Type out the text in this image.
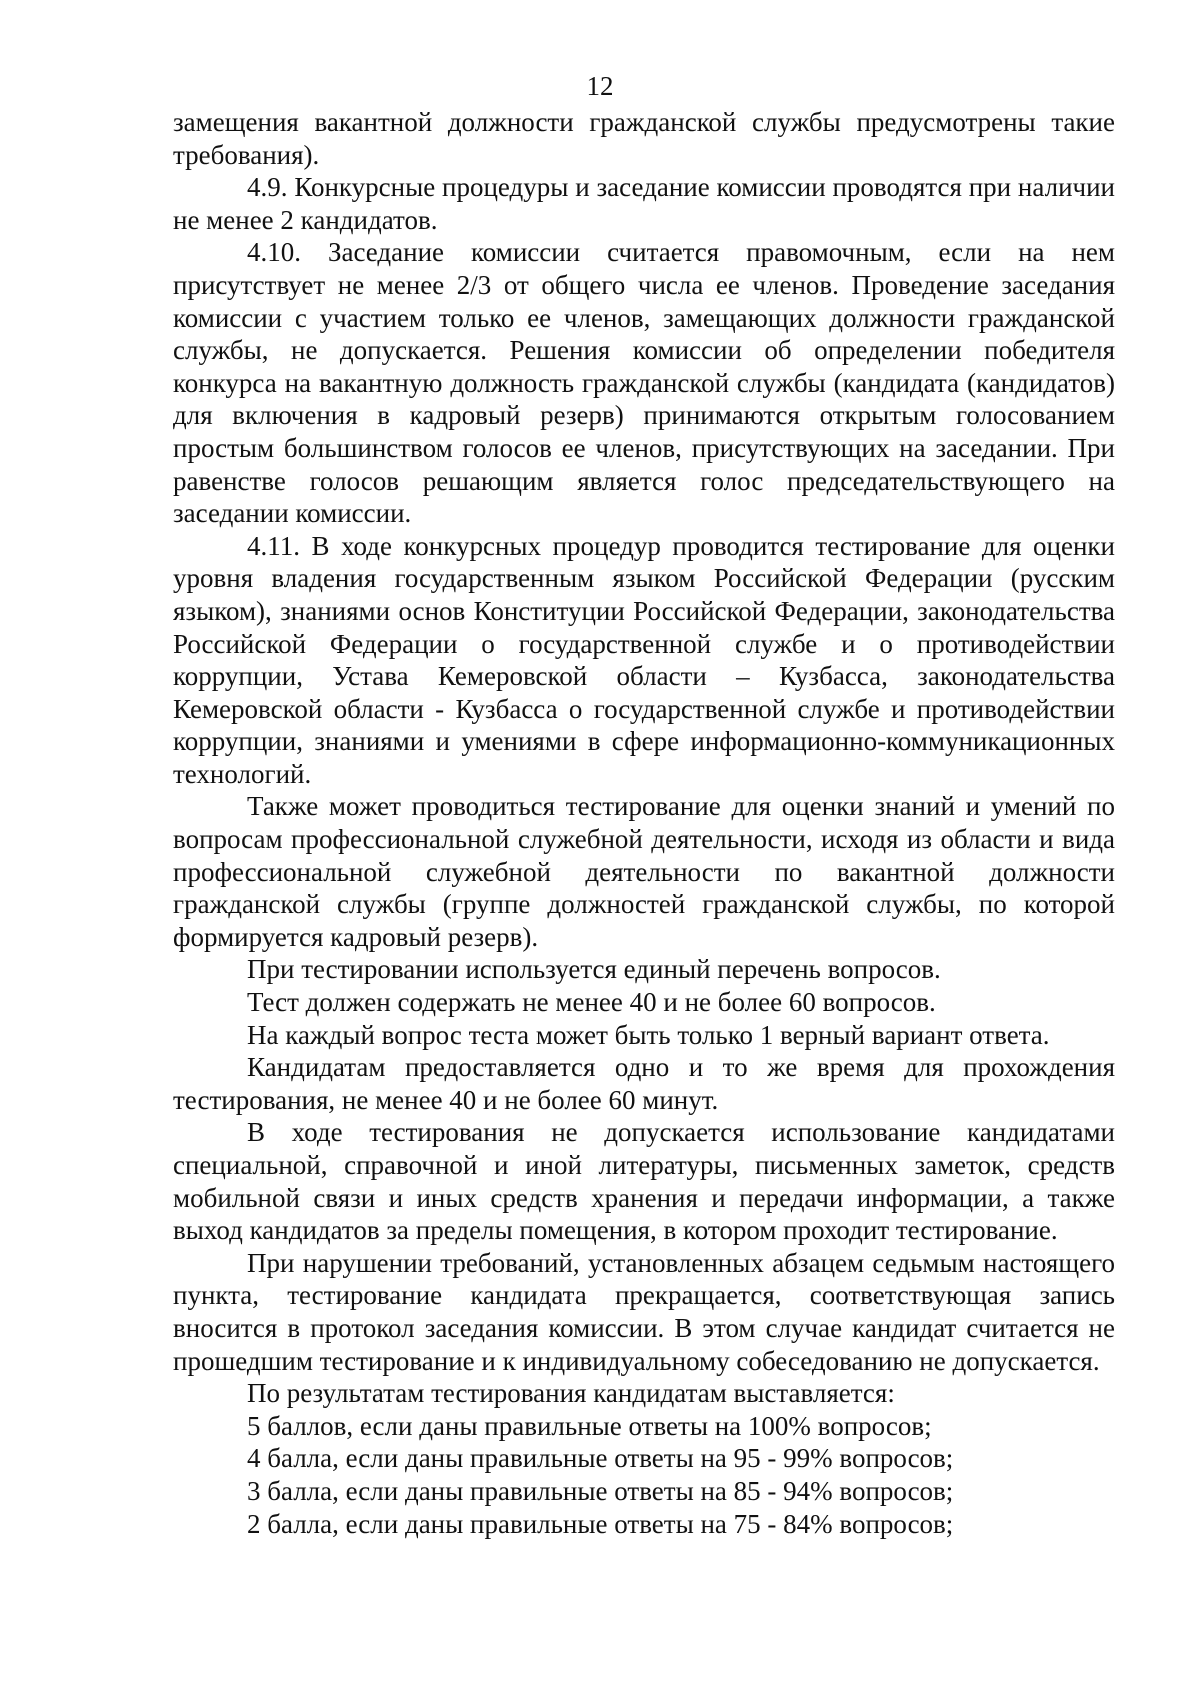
12

замещения вакантной должности гражданской службы предусмотрены такие требования).

4.9. Конкурсные процедуры и заседание комиссии проводятся при наличии не менее 2 кандидатов.

4.10. Заседание комиссии считается правомочным, если на нем присутствует не менее 2/3 от общего числа ее членов. Проведение заседания комиссии с участием только ее членов, замещающих должности гражданской службы, не допускается. Решения комиссии об определении победителя конкурса на вакантную должность гражданской службы (кандидата (кандидатов) для включения в кадровый резерв) принимаются открытым голосованием простым большинством голосов ее членов, присутствующих на заседании. При равенстве голосов решающим является голос председательствующего на заседании комиссии.

4.11. В ходе конкурсных процедур проводится тестирование для оценки уровня владения государственным языком Российской Федерации (русским языком), знаниями основ Конституции Российской Федерации, законодательства Российской Федерации о государственной службе и о противодействии коррупции, Устава Кемеровской области – Кузбасса, законодательства Кемеровской области - Кузбасса о государственной службе и противодействии коррупции, знаниями и умениями в сфере информационно-коммуникационных технологий.

Также может проводиться тестирование для оценки знаний и умений по вопросам профессиональной служебной деятельности, исходя из области и вида профессиональной служебной деятельности по вакантной должности гражданской службы (группе должностей гражданской службы, по которой формируется кадровый резерв).

При тестировании используется единый перечень вопросов.

Тест должен содержать не менее 40 и не более 60 вопросов.

На каждый вопрос теста может быть только 1 верный вариант ответа.

Кандидатам предоставляется одно и то же время для прохождения тестирования, не менее 40 и не более 60 минут.

В ходе тестирования не допускается использование кандидатами специальной, справочной и иной литературы, письменных заметок, средств мобильной связи и иных средств хранения и передачи информации, а также выход кандидатов за пределы помещения, в котором проходит тестирование.

При нарушении требований, установленных абзацем седьмым настоящего пункта, тестирование кандидата прекращается, соответствующая запись вносится в протокол заседания комиссии. В этом случае кандидат считается не прошедшим тестирование и к индивидуальному собеседованию не допускается.

По результатам тестирования кандидатам выставляется:

5 баллов, если даны правильные ответы на 100% вопросов;

4 балла, если даны правильные ответы на 95 - 99% вопросов;

3 балла, если даны правильные ответы на 85 - 94% вопросов;

2 балла, если даны правильные ответы на 75 - 84% вопросов;
